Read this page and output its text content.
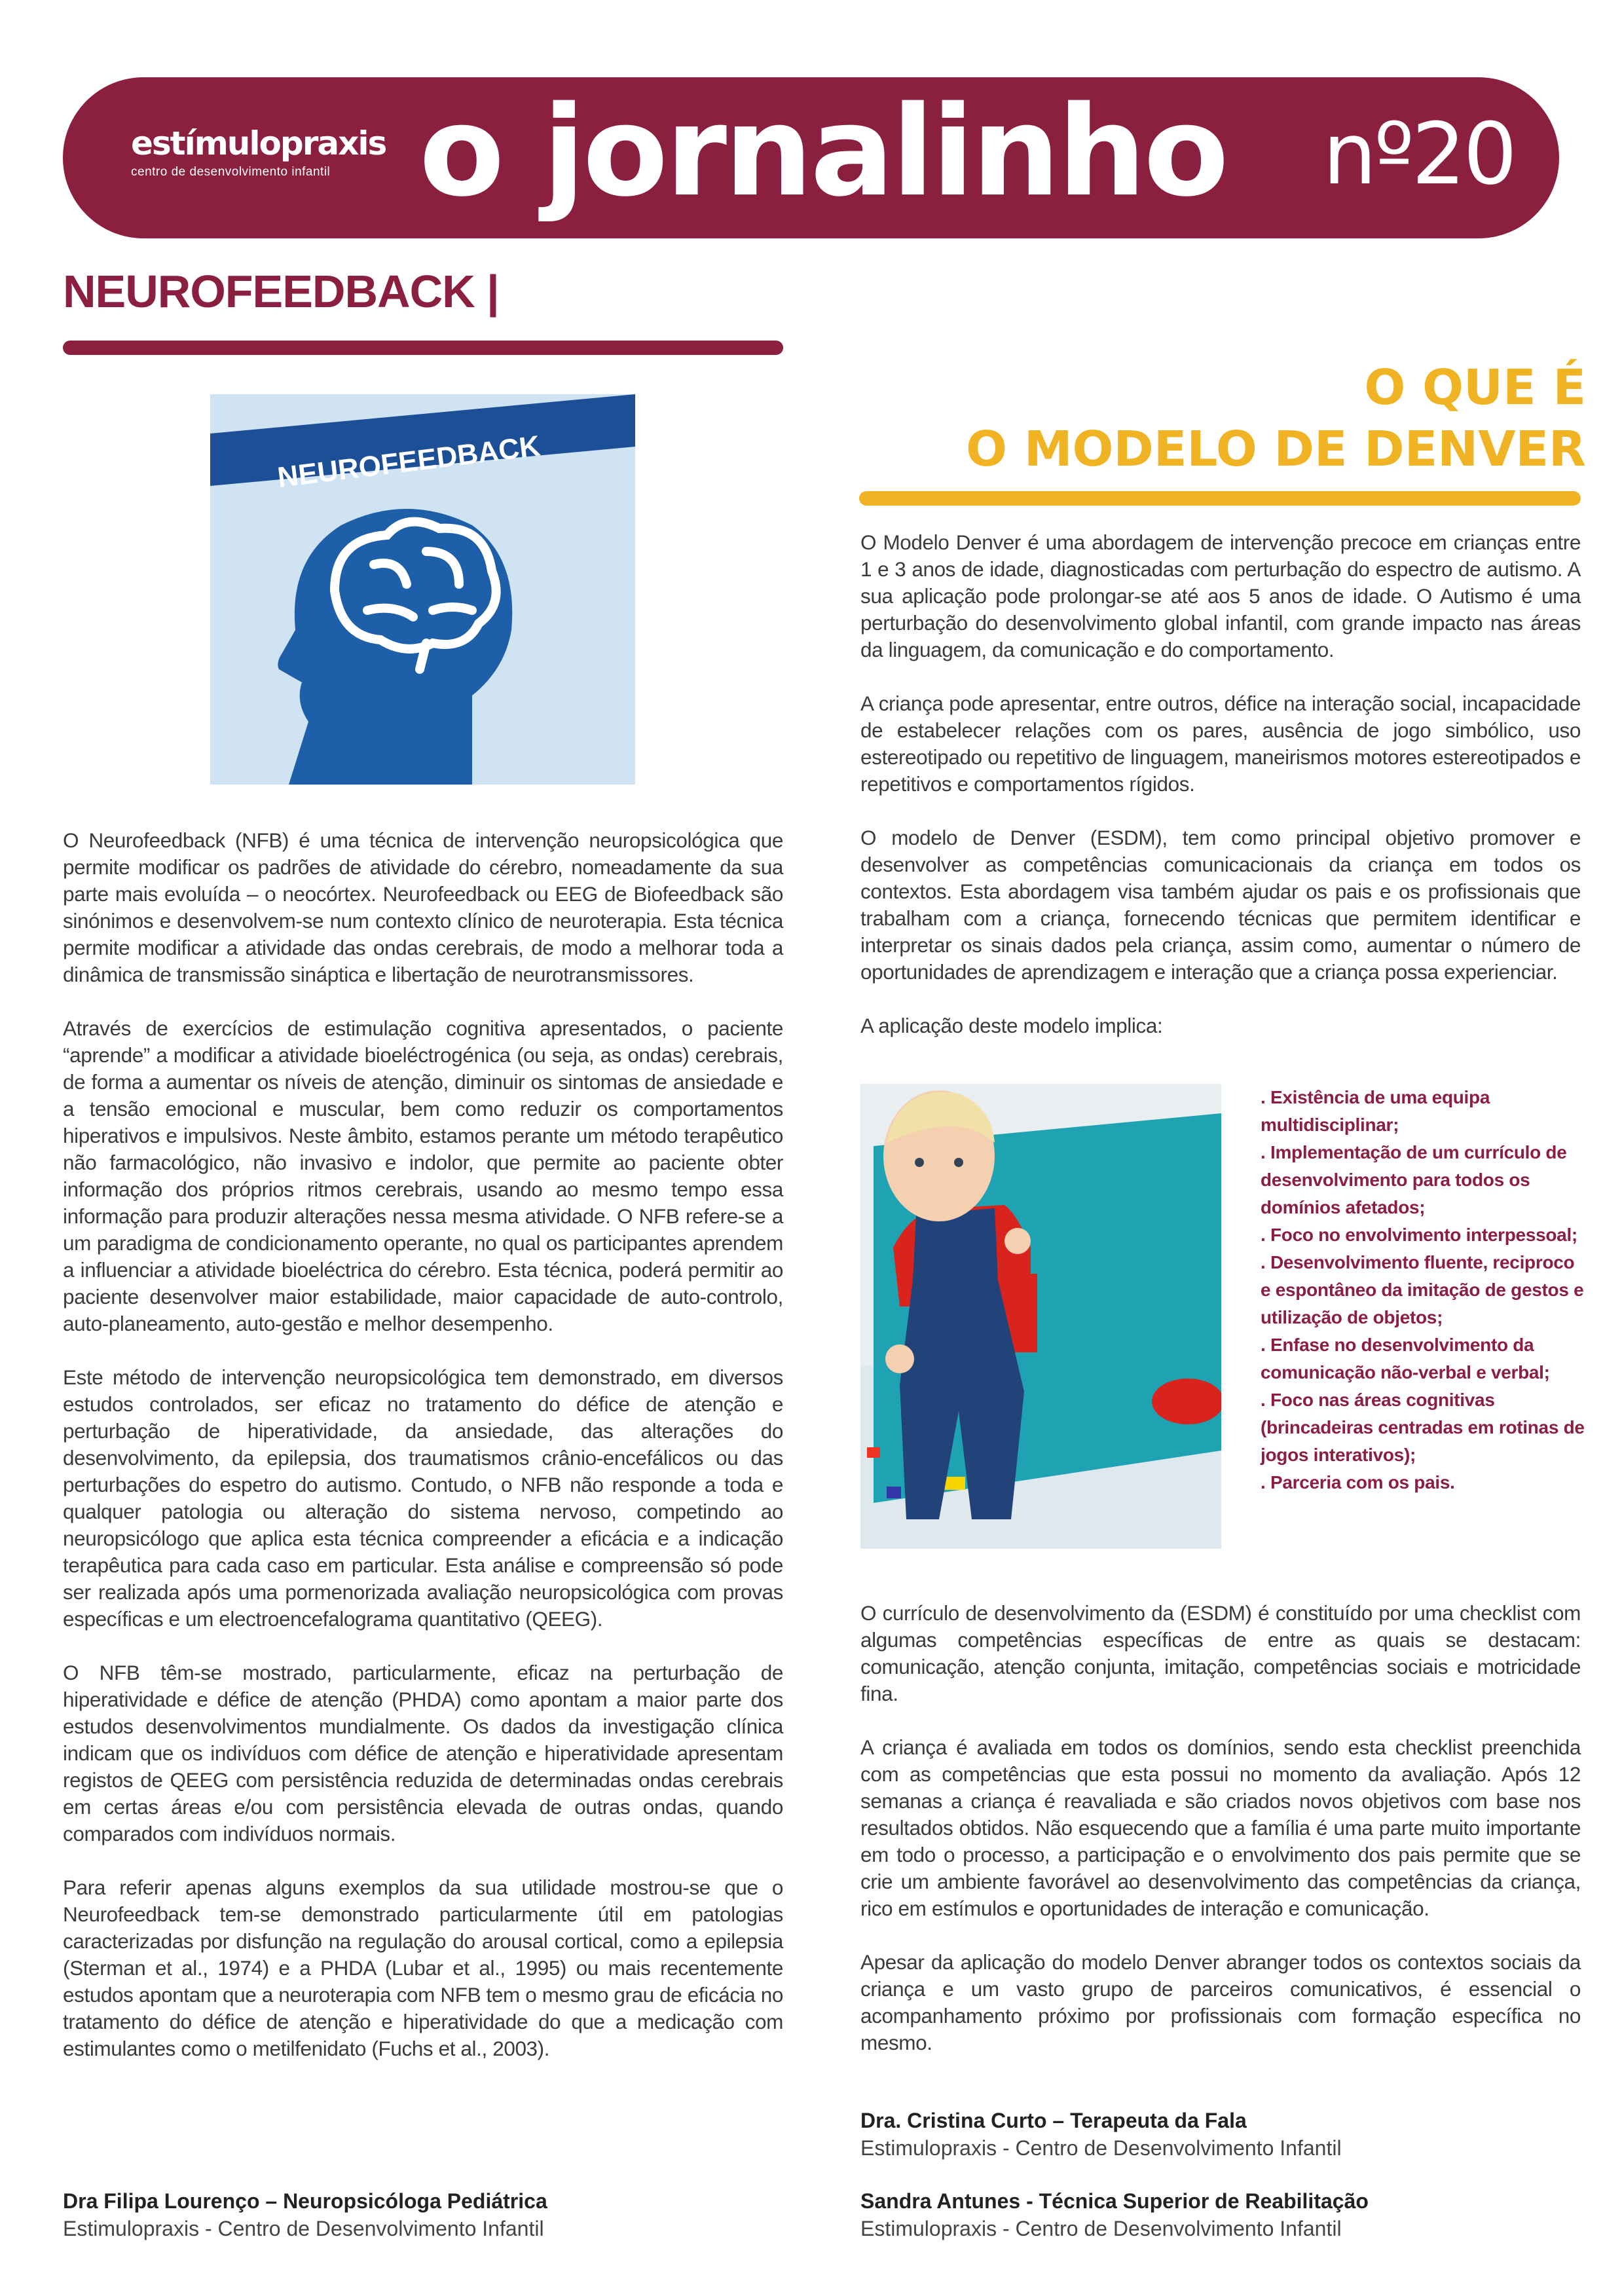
estímulopraxis
centro de desenvolvimento infantil o jornalinho nº20
NEUROFEEDBACK |
NEUROFEEDBACK

O Neurofeedback (NFB) é uma técnica de intervenção neuropsicológica que permite modificar os padrões de atividade do cérebro, nomeadamente da sua parte mais evoluída – o neocórtex. Neurofeedback ou EEG de Biofeedback são sinónimos e desenvolvem-se num contexto clínico de neuroterapia. Esta técnica permite modificar a atividade das ondas cerebrais, de modo a melhorar toda a dinâmica de transmissão sináptica e libertação de neurotransmissores.

Através de exercícios de estimulação cognitiva apresentados, o paciente “aprende” a modificar a atividade bioeléctrogénica (ou seja, as ondas) cerebrais, de forma a aumentar os níveis de atenção, diminuir os sintomas de ansiedade e a tensão emocional e muscular, bem como reduzir os comportamentos hiperativos e impulsivos. Neste âmbito, estamos perante um método terapêutico não farmacológico, não invasivo e indolor, que permite ao paciente obter informação dos próprios ritmos cerebrais, usando ao mesmo tempo essa informação para produzir alterações nessa mesma atividade. O NFB refere-se a um paradigma de condicionamento operante, no qual os participantes aprendem a influenciar a atividade bioeléctrica do cérebro. Esta técnica, poderá permitir ao paciente desenvolver maior estabilidade, maior capacidade de auto-controlo, auto-planeamento, auto-gestão e melhor desempenho.

Este método de intervenção neuropsicológica tem demonstrado, em diversos estudos controlados, ser eficaz no tratamento do défice de atenção e perturbação de hiperatividade, da ansiedade, das alterações do desenvolvimento, da epilepsia, dos traumatismos crânio-encefálicos ou das perturbações do espetro do autismo. Contudo, o NFB não responde a toda e qualquer patologia ou alteração do sistema nervoso, competindo ao neuropsicólogo que aplica esta técnica compreender a eficácia e a indicação terapêutica para cada caso em particular. Esta análise e compreensão só pode ser realizada após uma pormenorizada avaliação neuropsicológica com provas específicas e um electroencefalograma quantitativo (QEEG).

O NFB têm-se mostrado, particularmente, eficaz na perturbação de hiperatividade e défice de atenção (PHDA) como apontam a maior parte dos estudos desenvolvimentos mundialmente. Os dados da investigação clínica indicam que os indivíduos com défice de atenção e hiperatividade apresentam registos de QEEG com persistência reduzida de determinadas ondas cerebrais em certas áreas e/ou com persistência elevada de outras ondas, quando comparados com indivíduos normais.

Para referir apenas alguns exemplos da sua utilidade mostrou-se que o Neurofeedback tem-se demonstrado particularmente útil em patologias caracterizadas por disfunção na regulação do arousal cortical, como a epilepsia (Sterman et al., 1974) e a PHDA (Lubar et al., 1995) ou mais recentemente estudos apontam que a neuroterapia com NFB tem o mesmo grau de eficácia no tratamento do défice de atenção e hiperatividade do que a medicação com estimulantes como o metilfenidato (Fuchs et al., 2003).

Dra Filipa Lourenço – Neuropsicóloga Pediátrica
Estimulopraxis - Centro de Desenvolvimento Infantil
O QUE É
O MODELO DE DENVER

O Modelo Denver é uma abordagem de intervenção precoce em crianças entre 1 e 3 anos de idade, diagnosticadas com perturbação do espectro de autismo. A sua aplicação pode prolongar-se até aos 5 anos de idade. O Autismo é uma perturbação do desenvolvimento global infantil, com grande impacto nas áreas da linguagem, da comunicação e do comportamento.

A criança pode apresentar, entre outros, défice na interação social, incapacidade de estabelecer relações com os pares, ausência de jogo simbólico, uso estereotipado ou repetitivo de linguagem, maneirismos motores estereotipados e repetitivos e comportamentos rígidos.

O modelo de Denver (ESDM), tem como principal objetivo promover e desenvolver as competências comunicacionais da criança em todos os contextos. Esta abordagem visa também ajudar os pais e os profissionais que trabalham com a criança, fornecendo técnicas que permitem identificar e interpretar os sinais dados pela criança, assim como, aumentar o número de oportunidades de aprendizagem e interação que a criança possa experienciar.

A aplicação deste modelo implica:

. Existência de uma equipa multidisciplinar;
. Implementação de um currículo de desenvolvimento para todos os domínios afetados;
. Foco no envolvimento interpessoal;
. Desenvolvimento fluente, reciproco e espontâneo da imitação de gestos e utilização de objetos;
. Enfase no desenvolvimento da comunicação não-verbal e verbal;
. Foco nas áreas cognitivas (brincadeiras centradas em rotinas de jogos interativos);
. Parceria com os pais.

O currículo de desenvolvimento da (ESDM) é constituído por uma checklist com algumas competências específicas de entre as quais se destacam: comunicação, atenção conjunta, imitação, competências sociais e motricidade fina.

A criança é avaliada em todos os domínios, sendo esta checklist preenchida com as competências que esta possui no momento da avaliação. Após 12 semanas a criança é reavaliada e são criados novos objetivos com base nos resultados obtidos. Não esquecendo que a família é uma parte muito importante em todo o processo, a participação e o envolvimento dos pais permite que se crie um ambiente favorável ao desenvolvimento das competências da criança, rico em estímulos e oportunidades de interação e comunicação.

Apesar da aplicação do modelo Denver abranger todos os contextos sociais da criança e um vasto grupo de parceiros comunicativos, é essencial o acompanhamento próximo por profissionais com formação específica no mesmo.

Dra. Cristina Curto – Terapeuta da Fala
Estimulopraxis - Centro de Desenvolvimento Infantil
Sandra Antunes - Técnica Superior de Reabilitação
Estimulopraxis - Centro de Desenvolvimento Infantil
